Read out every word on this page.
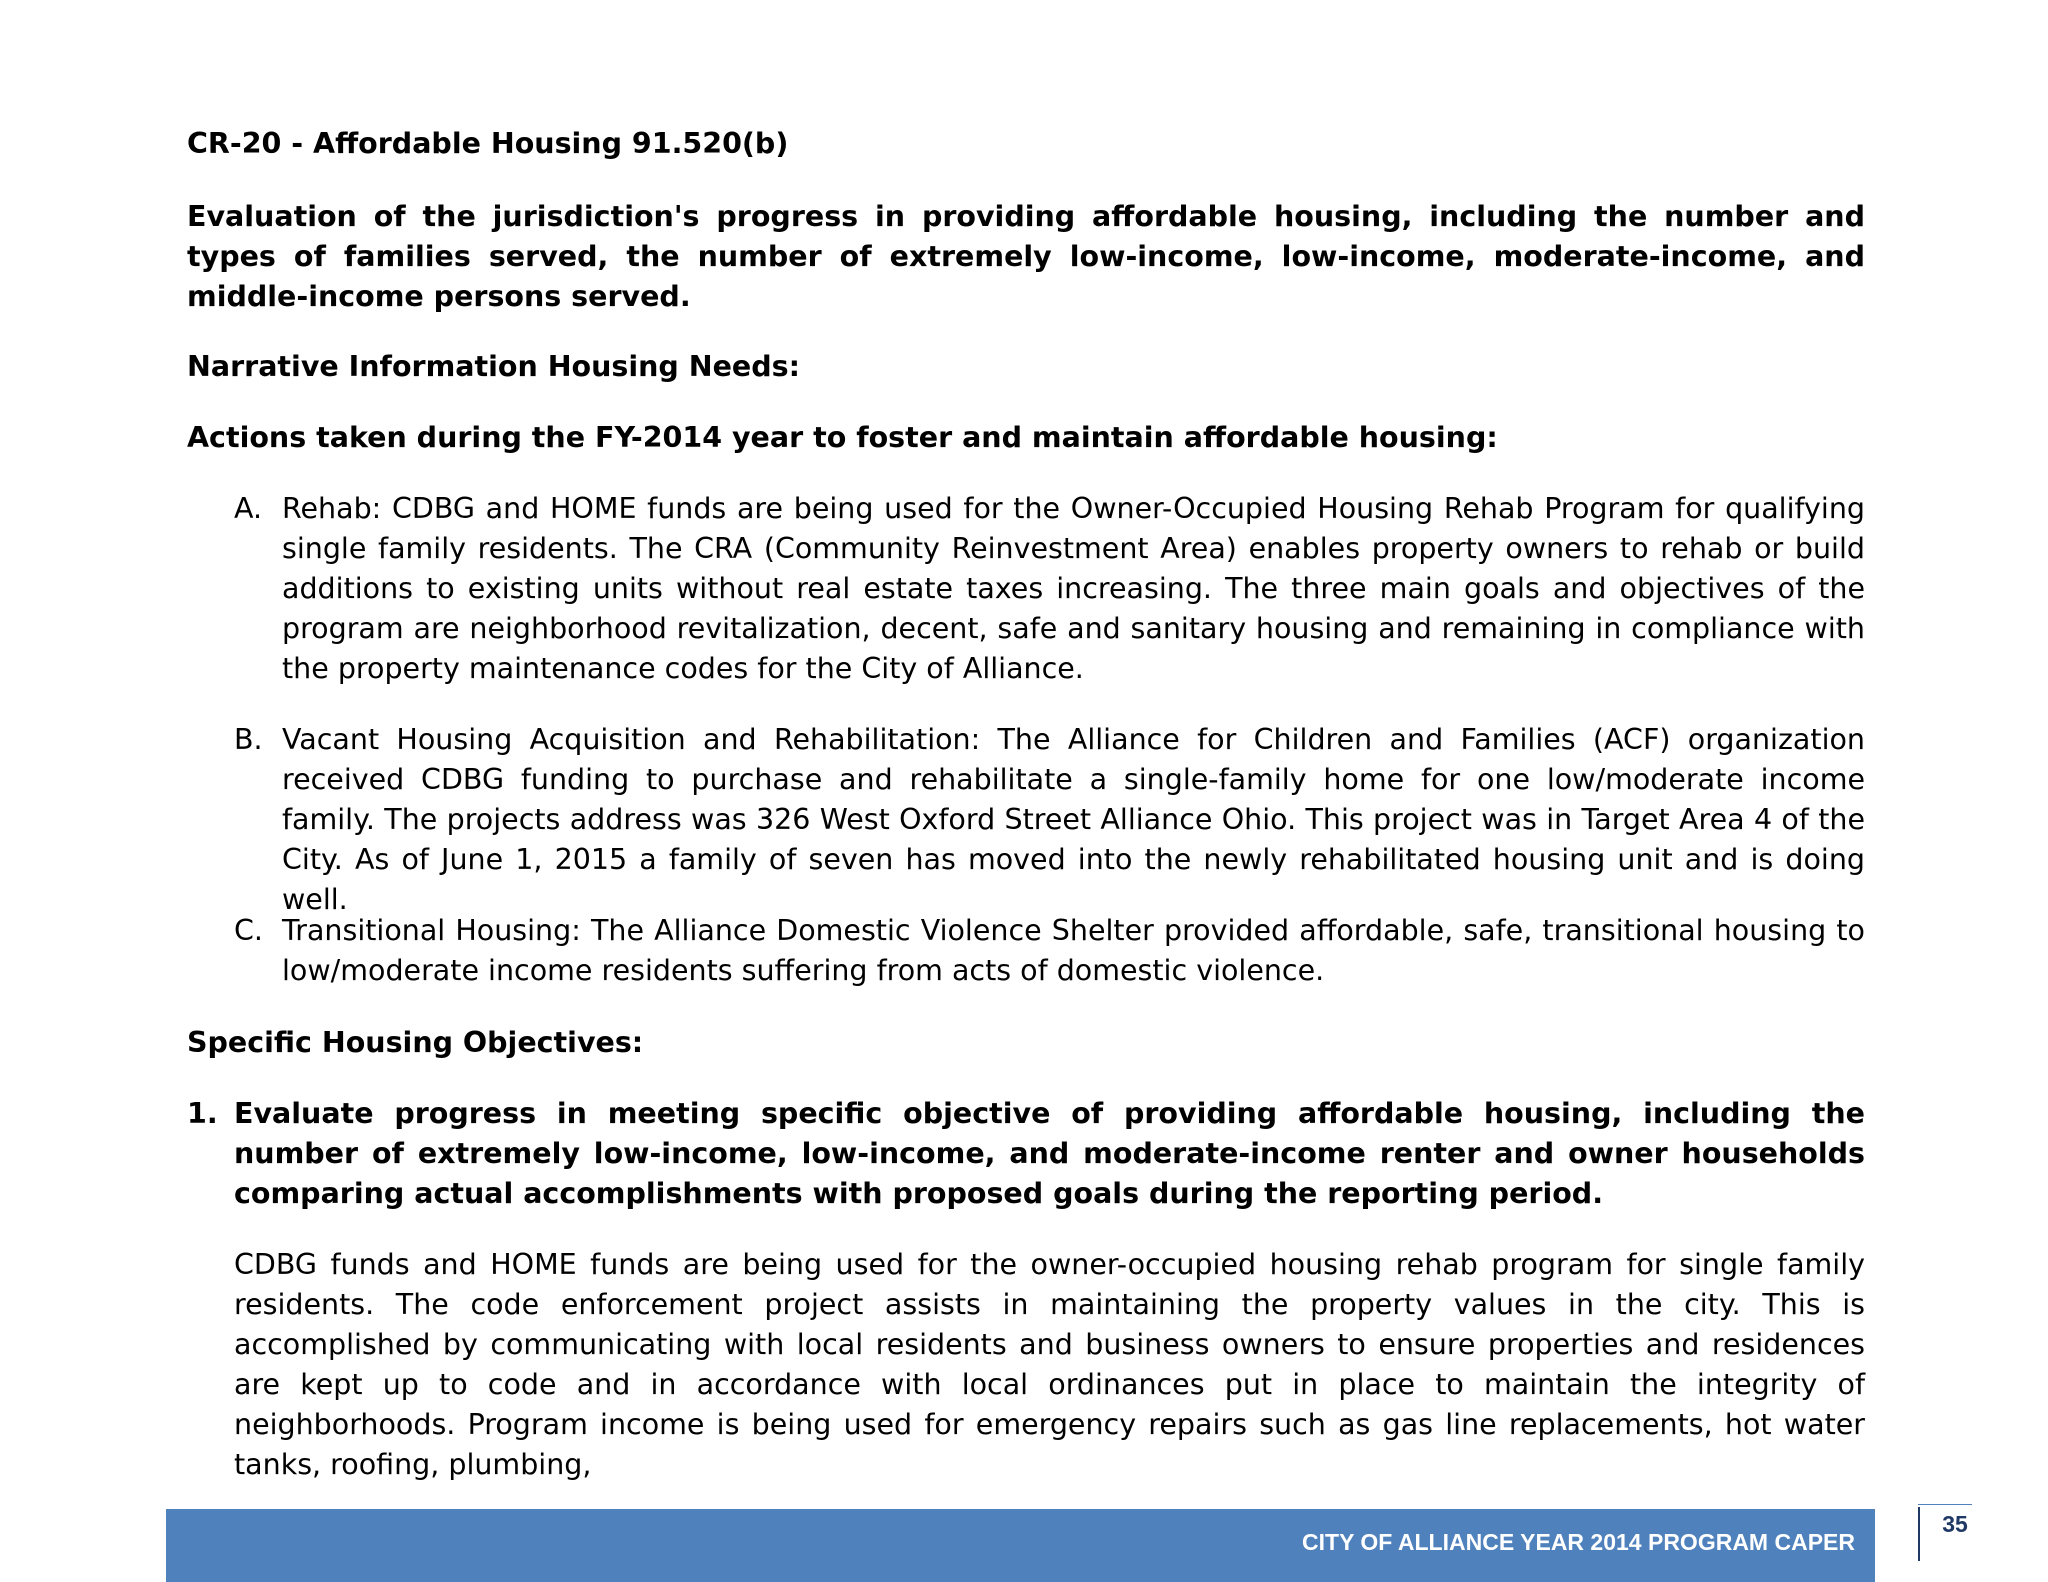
CR-20 - Affordable Housing 91.520(b)

Evaluation of the jurisdiction's progress in providing affordable housing, including the number and types of families served, the number of extremely low-income, low-income, moderate-income, and middle-income persons served.

Narrative Information Housing Needs:
Actions taken during the FY-2014 year to foster and maintain affordable housing:
A. Rehab: CDBG and HOME funds are being used for the Owner-Occupied Housing Rehab Program for qualifying single family residents. The CRA (Community Reinvestment Area) enables property owners to rehab or build additions to existing units without real estate taxes increasing. The three main goals and objectives of the program are neighborhood revitalization, decent, safe and sanitary housing and remaining in compliance with the property maintenance codes for the City of Alliance.
B. Vacant Housing Acquisition and Rehabilitation: The Alliance for Children and Families (ACF) organization received CDBG funding to purchase and rehabilitate a single-family home for one low/moderate income family. The projects address was 326 West Oxford Street Alliance Ohio. This project was in Target Area 4 of the City. As of June 1, 2015 a family of seven has moved into the newly rehabilitated housing unit and is doing well.
C. Transitional Housing: The Alliance Domestic Violence Shelter provided affordable, safe, transitional housing to low/moderate income residents suffering from acts of domestic violence.
Specific Housing Objectives:
1. Evaluate progress in meeting specific objective of providing affordable housing, including the number of extremely low-income, low-income, and moderate-income renter and owner households comparing actual accomplishments with proposed goals during the reporting period.
CDBG funds and HOME funds are being used for the owner-occupied housing rehab program for single family residents. The code enforcement project assists in maintaining the property values in the city. This is accomplished by communicating with local residents and business owners to ensure properties and residences are kept up to code and in accordance with local ordinances put in place to maintain the integrity of neighborhoods. Program income is being used for emergency repairs such as gas line replacements, hot water tanks, roofing, plumbing,
CITY OF ALLIANCE YEAR 2014 PROGRAM CAPER
35
